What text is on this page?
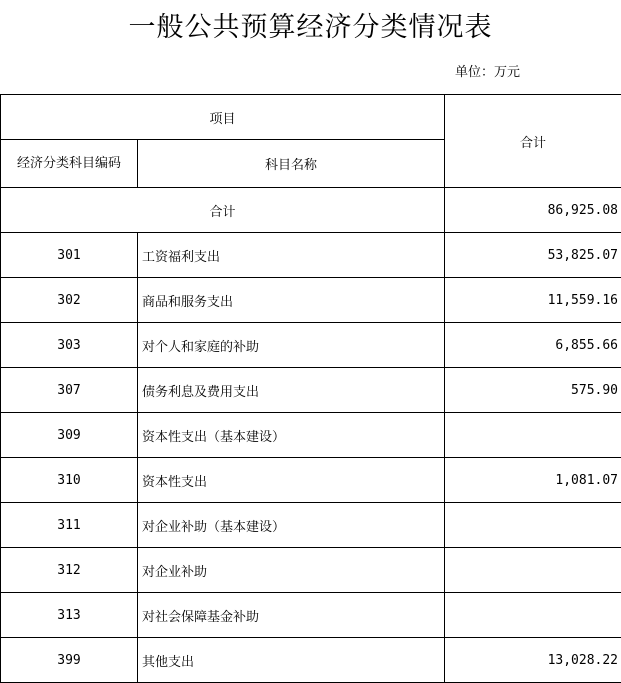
一般公共预算经济分类情况表
单位：万元
项目		合计
经济分类科目编码	科目名称	
合计		86,925.08
301	工资福利支出	53,825.07
302	商品和服务支出	11,559.16
303	对个人和家庭的补助	6,855.66
307	债务利息及费用支出	575.90
309	资本性支出（基本建设）	
310	资本性支出	1,081.07
311	对企业补助（基本建设）	
312	对企业补助	
313	对社会保障基金补助	
399	其他支出	13,028.22
